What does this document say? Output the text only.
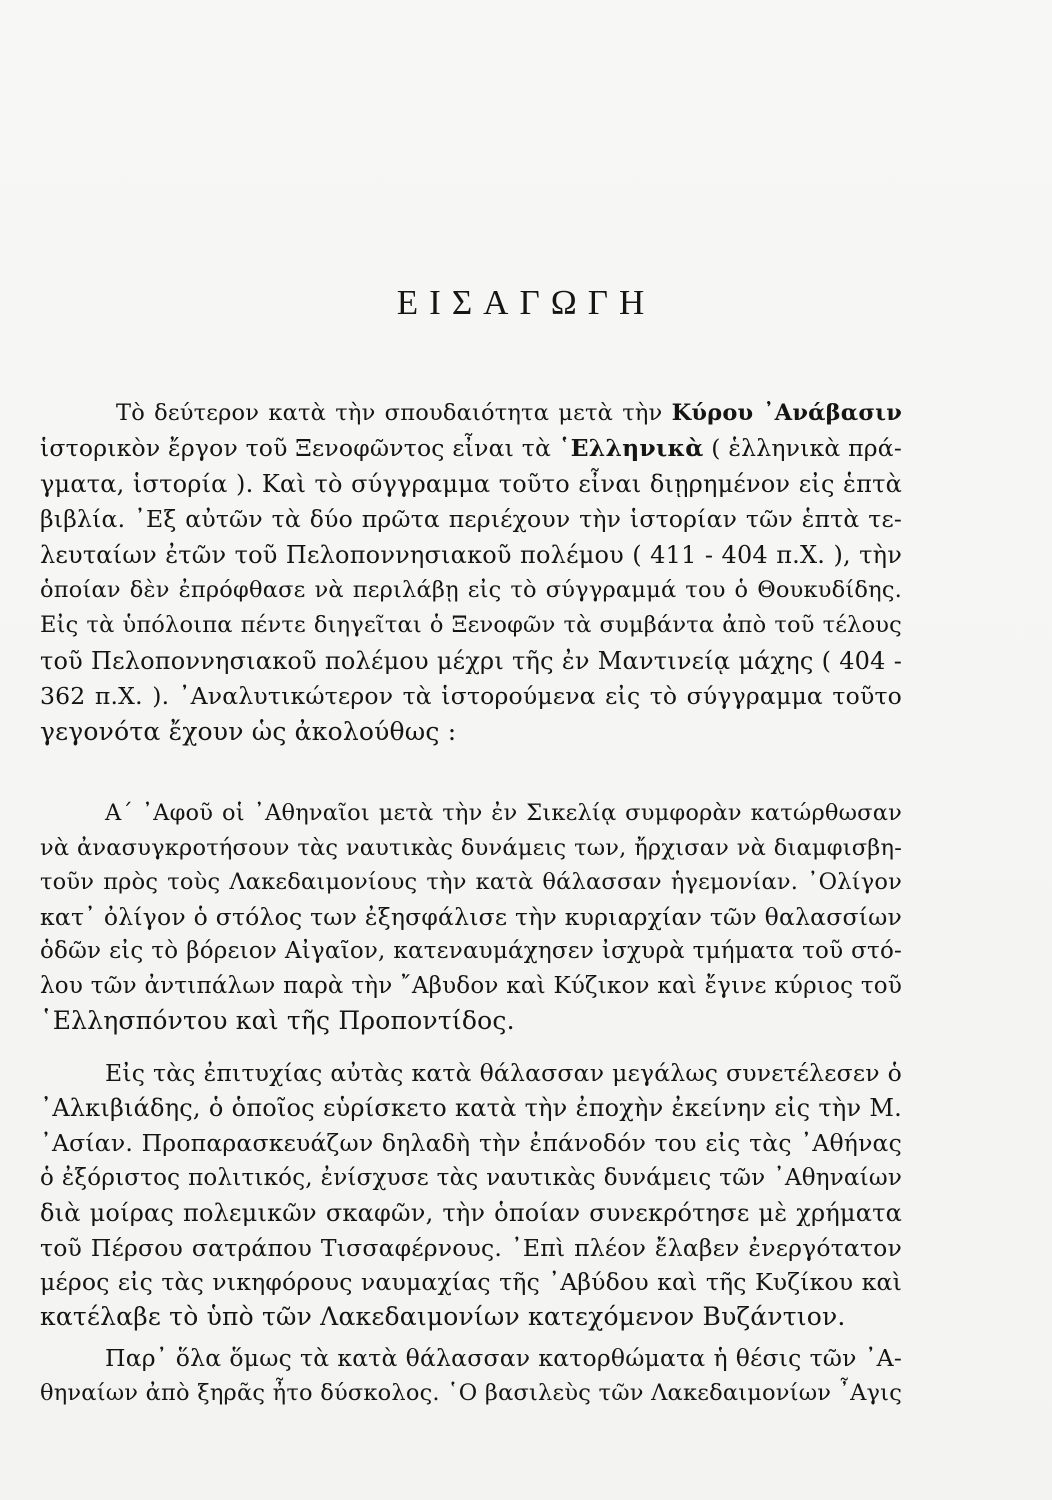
ΕΙΣΑΓΩΓΗ
Τὸ δεύτερον κατὰ τὴν σπουδαιότητα μετὰ τὴν Κύρου ᾿Ανάβασιν
ἱστορικὸν ἔργον τοῦ Ξενοφῶντος εἶναι τὰ ῾Ελληνικὰ ( ἑλληνικὰ πρά-
γματα, ἱστορία ). Καὶ τὸ σύγγραμμα τοῦτο εἶναι διῃρημένον εἰς ἑπτὰ
βιβλία. ᾿Εξ αὐτῶν τὰ δύο πρῶτα περιέχουν τὴν ἱστορίαν τῶν ἑπτὰ τε-
λευταίων ἐτῶν τοῦ Πελοποννησιακοῦ πολέμου ( 411 - 404 π.Χ. ), τὴν
ὁποίαν δὲν ἐπρόφθασε νὰ περιλάβῃ εἰς τὸ σύγγραμμά του ὁ Θουκυδίδης.
Εἰς τὰ ὑπόλοιπα πέντε διηγεῖται ὁ Ξενοφῶν τὰ συμβάντα ἀπὸ τοῦ τέλους
τοῦ Πελοποννησιακοῦ πολέμου μέχρι τῆς ἐν Μαντινείᾳ μάχης ( 404 -
362 π.Χ. ). ᾿Αναλυτικώτερον τὰ ἱστορούμενα εἰς τὸ σύγγραμμα τοῦτο
γεγονότα ἔχουν ὡς ἀκολούθως :
Α΄ ᾿Αφοῦ οἱ ᾿Αθηναῖοι μετὰ τὴν ἐν Σικελίᾳ συμφορὰν κατώρθωσαν
νὰ ἀνασυγκροτήσουν τὰς ναυτικὰς δυνάμεις των, ἤρχισαν νὰ διαμφισβη-
τοῦν πρὸς τοὺς Λακεδαιμονίους τὴν κατὰ θάλασσαν ἡγεμονίαν. ᾿Ολίγον
κατ᾿ ὀλίγον ὁ στόλος των ἐξησφάλισε τὴν κυριαρχίαν τῶν θαλασσίων
ὁδῶν εἰς τὸ βόρειον Αἰγαῖον, κατεναυμάχησεν ἰσχυρὰ τμήματα τοῦ στό-
λου τῶν ἀντιπάλων παρὰ τὴν ῎Αβυδον καὶ Κύζικον καὶ ἔγινε κύριος τοῦ
῾Ελλησπόντου καὶ τῆς Προποντίδος.
Εἰς τὰς ἐπιτυχίας αὐτὰς κατὰ θάλασσαν μεγάλως συνετέλεσεν ὁ
᾿Αλκιβιάδης, ὁ ὁποῖος εὑρίσκετο κατὰ τὴν ἐποχὴν ἐκείνην εἰς τὴν Μ.
᾿Ασίαν. Προπαρασκευάζων δηλαδὴ τὴν ἐπάνοδόν του εἰς τὰς ᾿Αθήνας
ὁ ἐξόριστος πολιτικός, ἐνίσχυσε τὰς ναυτικὰς δυνάμεις τῶν ᾿Αθηναίων
διὰ μοίρας πολεμικῶν σκαφῶν, τὴν ὁποίαν συνεκρότησε μὲ χρήματα
τοῦ Πέρσου σατράπου Τισσαφέρνους. ᾿Επὶ πλέον ἔλαβεν ἐνεργότατον
μέρος εἰς τὰς νικηφόρους ναυμαχίας τῆς ᾿Αβύδου καὶ τῆς Κυζίκου καὶ
κατέλαβε τὸ ὑπὸ τῶν Λακεδαιμονίων κατεχόμενον Βυζάντιον.
Παρ᾿ ὅλα ὅμως τὰ κατὰ θάλασσαν κατορθώματα ἡ θέσις τῶν ᾿Α-
θηναίων ἀπὸ ξηρᾶς ἦτο δύσκολος. ῾Ο βασιλεὺς τῶν Λακεδαιμονίων ῏Αγις
